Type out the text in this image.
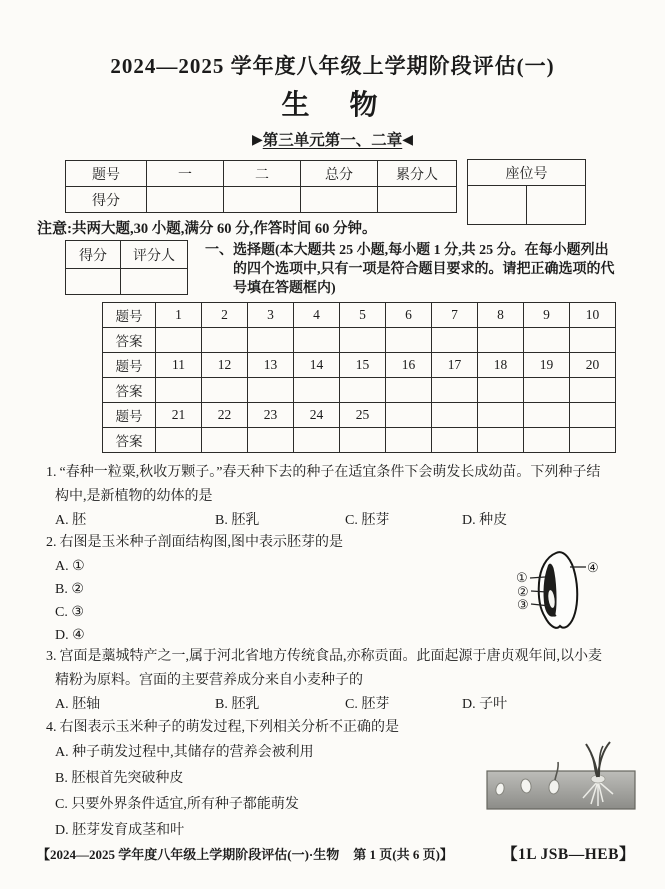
2024—2025 学年度八年级上学期阶段评估(一)
生　物
▶第三单元第一、二章◀
题号	一	二	总分	累分人
得分				
座位号

注意:共两大题,30 小题,满分 60 分,作答时间 60 分钟。
得分	评分人
	一、选择题(本大题共 25 小题,每小题 1 分,共 25 分。在每小题列出
的四个选项中,只有一项是符合题目要求的。请把正确选项的代
号填在答题框内)
题号	1	2	3	4	5	6	7	8	9	10
答案										
题号	11	12	13	14	15	16	17	18	19	20
答案										
题号	21	22	23	24	25					
答案										
1. “春种一粒粟,秋收万颗子。”春天种下去的种子在适宜条件下会萌发长成幼苗。下列种子结
构中,是新植物的幼体的是
A. 胚	B. 胚乳	C. 胚芽	D. 种皮
2. 右图是玉米种子剖面结构图,图中表示胚芽的是
A. ①
B. ②
C. ③
D. ④
3. 宫面是藁城特产之一,属于河北省地方传统食品,亦称贡面。此面起源于唐贞观年间,以小麦
精粉为原料。宫面的主要营养成分来自小麦种子的
A. 胚轴	B. 胚乳	C. 胚芽	D. 子叶
4. 右图表示玉米种子的萌发过程,下列相关分析不正确的是
A. 种子萌发过程中,其储存的营养会被利用
B. 胚根首先突破种皮
C. 只要外界条件适宜,所有种子都能萌发
D. 胚芽发育成茎和叶
①
②
③
④
【2024—2025 学年度八年级上学期阶段评估(一)·生物 第 1 页(共 6 页)】	【1L JSB—HEB】
